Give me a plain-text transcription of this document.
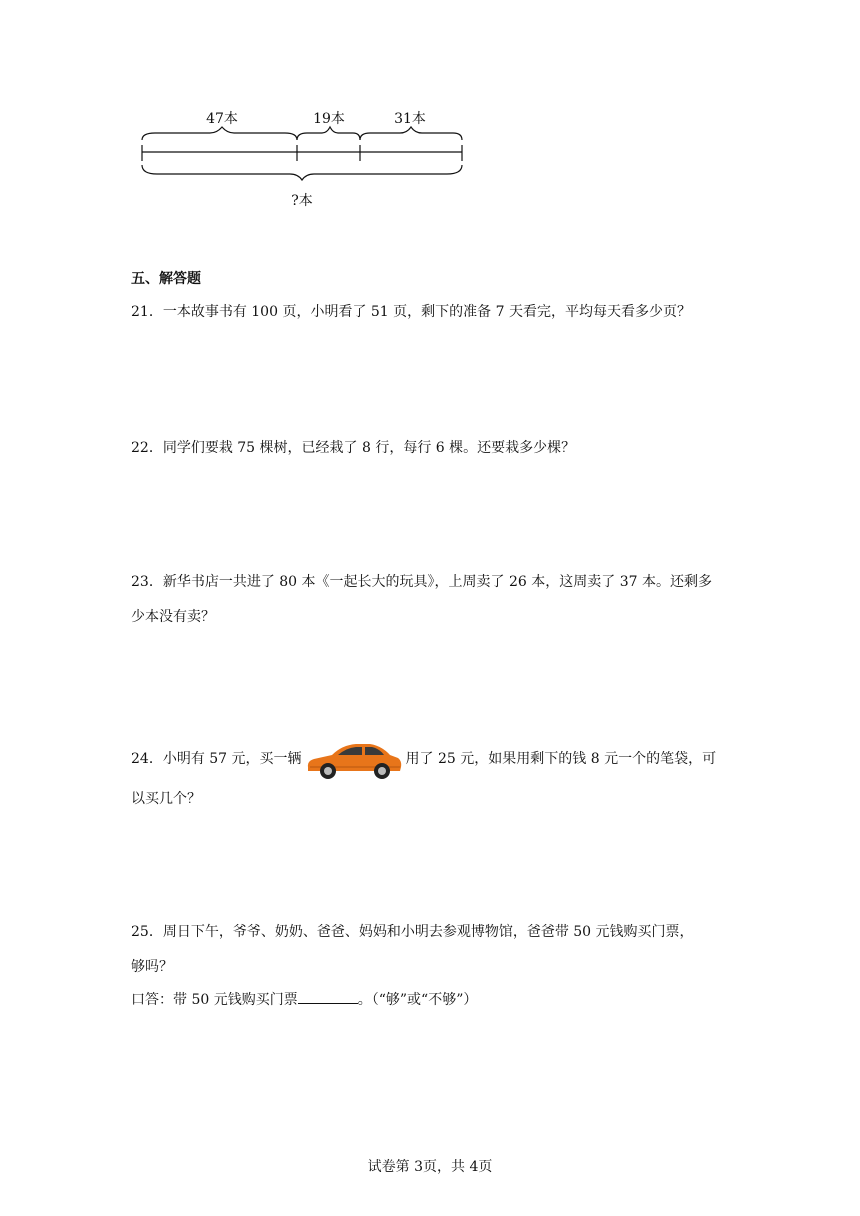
47本	19本	31本
?本
五、解答题
21．一本故事书有 100 页，小明看了 51 页，剩下的准备 7 天看完，平均每天看多少页？
22．同学们要栽 75 棵树，已经栽了 8 行，每行 6 棵。还要栽多少棵？
23．新华书店一共进了 80 本《一起长大的玩具》，上周卖了 26 本，这周卖了 37 本。还剩多
少本没有卖？
24．小明有 57 元，买一辆	用了 25 元，如果用剩下的钱 8 元一个的笔袋，可
以买几个？
25．周日下午，爷爷、奶奶、爸爸、妈妈和小明去参观博物馆，爸爸带 50 元钱购买门票，
够吗？
口答：带 50 元钱购买门票	。（“够”或“不够”）
试卷第 3页，共 4页
